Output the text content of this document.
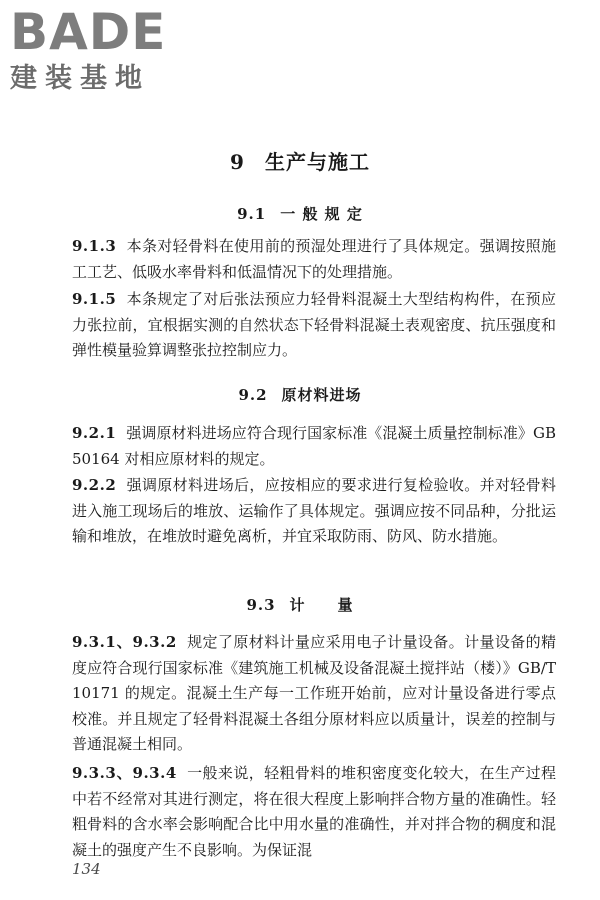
BADE
建装基地
9 生产与施工
9.1 一 般 规 定
9.1.3 本条对轻骨料在使用前的预湿处理进行了具体规定。强调按照施工工艺、低吸水率骨料和低温情况下的处理措施。
9.1.5 本条规定了对后张法预应力轻骨料混凝土大型结构构件，在预应力张拉前，宜根据实测的自然状态下轻骨料混凝土表观密度、抗压强度和弹性模量验算调整张拉控制应力。
9.2 原材料进场
9.2.1 强调原材料进场应符合现行国家标准《混凝土质量控制标准》GB 50164 对相应原材料的规定。
9.2.2 强调原材料进场后，应按相应的要求进行复检验收。并对轻骨料进入施工现场后的堆放、运输作了具体规定。强调应按不同品种，分批运输和堆放，在堆放时避免离析，并宜采取防雨、防风、防水措施。
9.3 计　　量
9.3.1、9.3.2 规定了原材料计量应采用电子计量设备。计量设备的精度应符合现行国家标准《建筑施工机械及设备混凝土搅拌站（楼）》GB/T 10171 的规定。混凝土生产每一工作班开始前，应对计量设备进行零点校准。并且规定了轻骨料混凝土各组分原材料应以质量计，误差的控制与普通混凝土相同。
9.3.3、9.3.4 一般来说，轻粗骨料的堆积密度变化较大，在生产过程中若不经常对其进行测定，将在很大程度上影响拌合物方量的准确性。轻粗骨料的含水率会影响配合比中用水量的准确性，并对拌合物的稠度和混凝土的强度产生不良影响。为保证混
134
